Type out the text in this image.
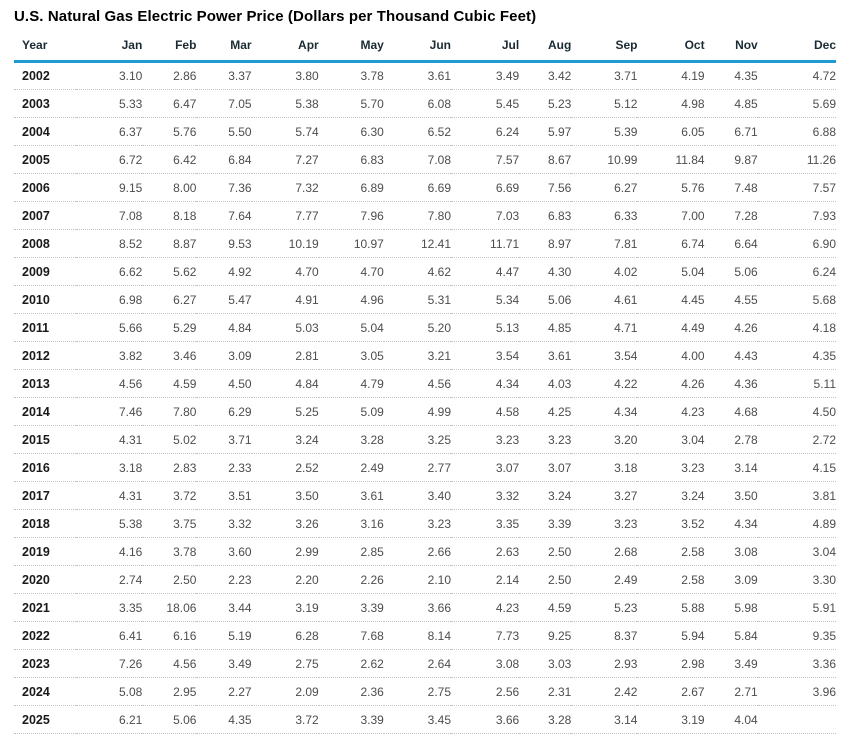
U.S. Natural Gas Electric Power Price (Dollars per Thousand Cubic Feet)
Year	Jan	Feb	Mar	Apr	May	Jun	Jul	Aug	Sep	Oct	Nov	Dec
2002	3.10	2.86	3.37	3.80	3.78	3.61	3.49	3.42	3.71	4.19	4.35	4.72
2003	5.33	6.47	7.05	5.38	5.70	6.08	5.45	5.23	5.12	4.98	4.85	5.69
2004	6.37	5.76	5.50	5.74	6.30	6.52	6.24	5.97	5.39	6.05	6.71	6.88
2005	6.72	6.42	6.84	7.27	6.83	7.08	7.57	8.67	10.99	11.84	9.87	11.26
2006	9.15	8.00	7.36	7.32	6.89	6.69	6.69	7.56	6.27	5.76	7.48	7.57
2007	7.08	8.18	7.64	7.77	7.96	7.80	7.03	6.83	6.33	7.00	7.28	7.93
2008	8.52	8.87	9.53	10.19	10.97	12.41	11.71	8.97	7.81	6.74	6.64	6.90
2009	6.62	5.62	4.92	4.70	4.70	4.62	4.47	4.30	4.02	5.04	5.06	6.24
2010	6.98	6.27	5.47	4.91	4.96	5.31	5.34	5.06	4.61	4.45	4.55	5.68
2011	5.66	5.29	4.84	5.03	5.04	5.20	5.13	4.85	4.71	4.49	4.26	4.18
2012	3.82	3.46	3.09	2.81	3.05	3.21	3.54	3.61	3.54	4.00	4.43	4.35
2013	4.56	4.59	4.50	4.84	4.79	4.56	4.34	4.03	4.22	4.26	4.36	5.11
2014	7.46	7.80	6.29	5.25	5.09	4.99	4.58	4.25	4.34	4.23	4.68	4.50
2015	4.31	5.02	3.71	3.24	3.28	3.25	3.23	3.23	3.20	3.04	2.78	2.72
2016	3.18	2.83	2.33	2.52	2.49	2.77	3.07	3.07	3.18	3.23	3.14	4.15
2017	4.31	3.72	3.51	3.50	3.61	3.40	3.32	3.24	3.27	3.24	3.50	3.81
2018	5.38	3.75	3.32	3.26	3.16	3.23	3.35	3.39	3.23	3.52	4.34	4.89
2019	4.16	3.78	3.60	2.99	2.85	2.66	2.63	2.50	2.68	2.58	3.08	3.04
2020	2.74	2.50	2.23	2.20	2.26	2.10	2.14	2.50	2.49	2.58	3.09	3.30
2021	3.35	18.06	3.44	3.19	3.39	3.66	4.23	4.59	5.23	5.88	5.98	5.91
2022	6.41	6.16	5.19	6.28	7.68	8.14	7.73	9.25	8.37	5.94	5.84	9.35
2023	7.26	4.56	3.49	2.75	2.62	2.64	3.08	3.03	2.93	2.98	3.49	3.36
2024	5.08	2.95	2.27	2.09	2.36	2.75	2.56	2.31	2.42	2.67	2.71	3.96
2025	6.21	5.06	4.35	3.72	3.39	3.45	3.66	3.28	3.14	3.19	4.04	
